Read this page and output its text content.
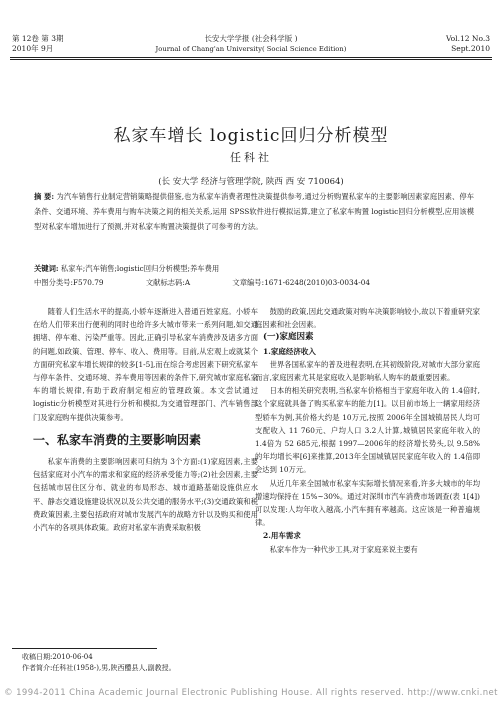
第 12卷 第 3期
2010年 9月
长安大学学报 (社会科学版 )
Journal of Chang'an University( Social Science Edition)
Vol.12 No.3
Sept.2010
私家车增长 logistic回归分析模型
任科社
(长 安大学 经济与管理学院, 陕西 西 安 710064)
摘 要: 为汽车销售行业制定营销策略提供借鉴,也为私家车消费者理性决策提供参考,通过分析购置私家车的主要影响因素家庭因素、停车条件、交通环境、养车费用与购车决策之间的相关关系,运用 SPSS软件进行模拟运算,建立了私家车购置 logistic回归分析模型,应用该模型对私家车增加进行了预测,并对私家车购置决策提供了可参考的方法。
关键词: 私家车;汽车销售;logistic回归分析模型;养车费用
中图分类号:F570.79	文献标志码:A	文章编号:1671-6248(2010)03-0034-04

随着人们生活水平的提高,小轿车逐渐进入普通百姓家庭。小轿车在给人们带来出行便利的同时也给许多大城市带来一系列问题,如交通拥堵、停车难、污染严重等。因此,正确引导私家车消费涉及诸多方面的问题,如政策、管理、停车、收入、费用等。目前,从宏观上或就某个方面研究私家车增长规律的较多[1-5],而在综合考虑因素下研究私家车与停车条件、交通环境、养车费用等因素的条件下,研究城市家庭私家车的增长规律,有助于政府制定相应的管理政策。本文尝试通过 logistic分析模型对其进行分析和模拟,为交通管理部门、汽车销售部门及家庭购车提供决策参考。

一、私家车消费的主要影响因素

私家车消费的主要影响因素可归纳为 3个方面:(1)家庭因素,主要包括家庭对小汽车的需求和家庭的经济承受能力等;(2)社会因素,主要包括城市居住区分布、就业的布局形态、城市道路基础设施供应水平、静态交通设施建设状况以及公共交通的服务水平;(3)交通政策和税费政策因素,主要包括政府对城市发展汽车的战略方针以及购买和使用小汽车的各项具体政策。政府对私家车消费采取积极

鼓励的政策,因此交通政策对购车决策影响较小,故以下着重研究家庭因素和社会因素。

(一)家庭因素
1.家庭经济收入

世界各国私家车的普及进程表明,在其初级阶段,对城市大部分家庭而言,家庭因素尤其是家庭收入是影响私人购车的最重要因素。

日本的相关研究表明,当私家车价格相当于家庭年收入的 1.4倍时,这个家庭就具备了购买私家车的能力[1]。以目前市场上一辆家用经济型轿车为例,其价格大约是 10万元,按照 2006年全国城镇居民人均可支配收入 11 760元、户均人口 3.2人计算,城镇居民家庭年收入的 1.4倍为 52 685元,根据 1997—2006年的经济增长势头,以 9.58%的年均增长率[6]来推算,2013年全国城镇居民家庭年收入的 1.4倍即会达到 10万元。

从近几年来全国城市私家车实际增长情况来看,许多大城市的年均增速均保持在 15%~30%。通过对深圳市汽车消费市场调查(表 1[4])可以发现:人均年收入越高,小汽车拥有率越高。这应该是一种普遍规律。

2.用车需求

私家车作为一种代步工具,对于家庭来说主要有

收稿日期:2010-06-04
作者简介:任科社(1958-),男,陕西醴县人,副教授。
© 1994-2011 China Academic Journal Electronic Publishing House. All rights reserved. http://www.cnki.net
